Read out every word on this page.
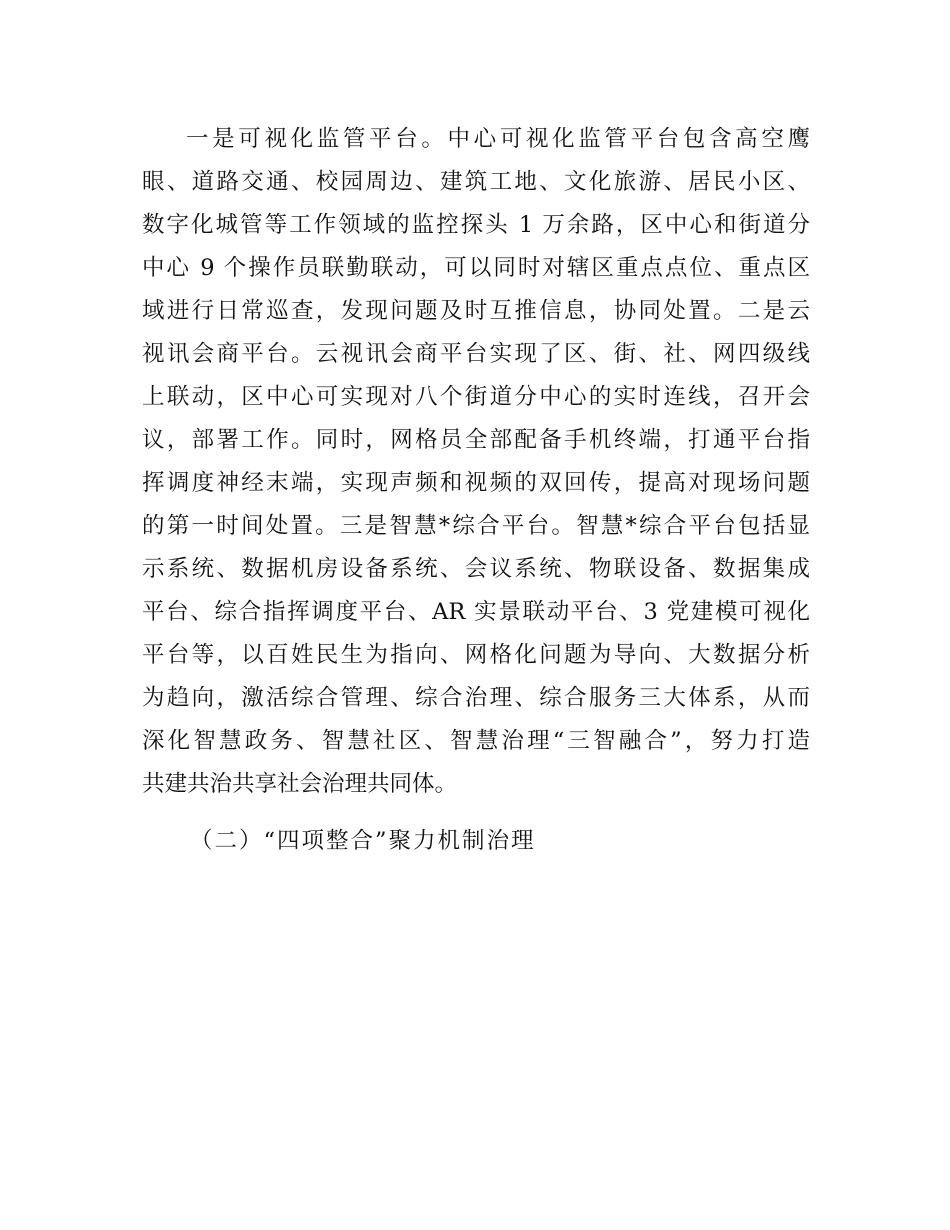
一是可视化监管平台。中心可视化监管平台包含高空鹰
眼、道路交通、校园周边、建筑工地、文化旅游、居民小区、
数字化城管等工作领域的监控探头 1 万余路，区中心和街道分
中心 9 个操作员联勤联动，可以同时对辖区重点点位、重点区
域进行日常巡查，发现问题及时互推信息，协同处置。二是云
视讯会商平台。云视讯会商平台实现了区、街、社、网四级线
上联动，区中心可实现对八个街道分中心的实时连线，召开会
议，部署工作。同时，网格员全部配备手机终端，打通平台指
挥调度神经末端，实现声频和视频的双回传，提高对现场问题
的第一时间处置。三是智慧*综合平台。智慧*综合平台包括显
示系统、数据机房设备系统、会议系统、物联设备、数据集成
平台、综合指挥调度平台、AR 实景联动平台、3 党建模可视化
平台等，以百姓民生为指向、网格化问题为导向、大数据分析
为趋向，激活综合管理、综合治理、综合服务三大体系，从而
深化智慧政务、智慧社区、智慧治理“三智融合”，努力打造
共建共治共享社会治理共同体。
（二）“四项整合”聚力机制治理
